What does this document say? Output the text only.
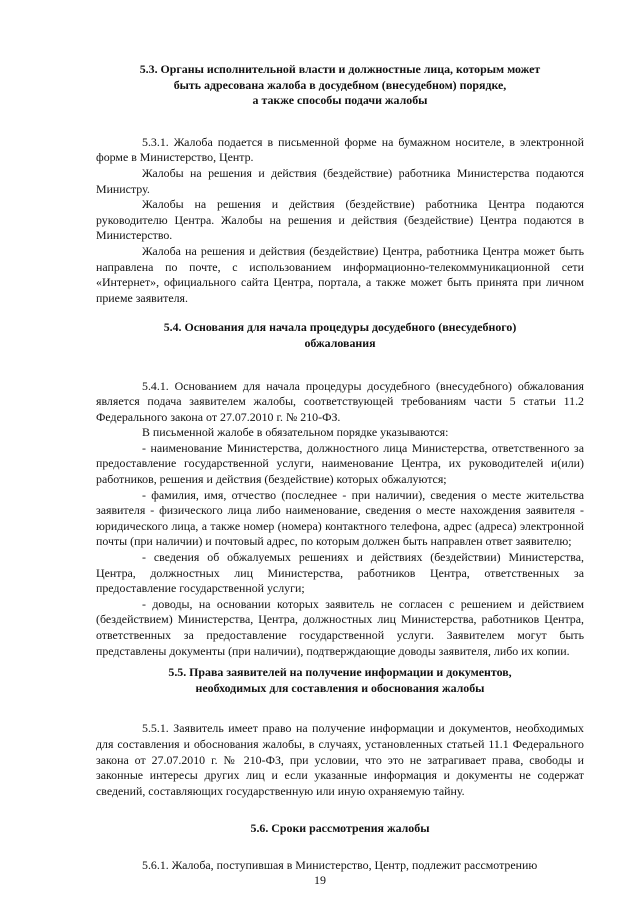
5.3. Органы исполнительной власти и должностные лица, которым может
быть адресована жалоба в досудебном (внесудебном) порядке,
а также способы подачи жалобы

5.3.1. Жалоба подается в письменной форме на бумажном носителе, в электронной форме в Министерство, Центр.

Жалобы на решения и действия (бездействие) работника Министерства подаются Министру.

Жалобы на решения и действия (бездействие) работника Центра подаются руководителю Центра. Жалобы на решения и действия (бездействие) Центра подаются в Министерство.

Жалоба на решения и действия (бездействие) Центра, работника Центра может быть направлена по почте, с использованием информационно-телекоммуникационной сети «Интернет», официального сайта Центра, портала, а также может быть принята при личном приеме заявителя.

5.4. Основания для начала процедуры досудебного (внесудебного)
обжалования

5.4.1. Основанием для начала процедуры досудебного (внесудебного) обжалования является подача заявителем жалобы, соответствующей требованиям части 5 статьи 11.2 Федерального закона от 27.07.2010 г. № 210-ФЗ.

В письменной жалобе в обязательном порядке указываются:

- наименование Министерства, должностного лица Министерства, ответственного за предоставление государственной услуги, наименование Центра, их руководителей и(или) работников, решения и действия (бездействие) которых обжалуются;

- фамилия, имя, отчество (последнее - при наличии), сведения о месте жительства заявителя - физического лица либо наименование, сведения о месте нахождения заявителя - юридического лица, а также номер (номера) контактного телефона, адрес (адреса) электронной почты (при наличии) и почтовый адрес, по которым должен быть направлен ответ заявителю;

- сведения об обжалуемых решениях и действиях (бездействии) Министерства, Центра, должностных лиц Министерства, работников Центра, ответственных за предоставление государственной услуги;

- доводы, на основании которых заявитель не согласен с решением и действием (бездействием) Министерства, Центра, должностных лиц Министерства, работников Центра, ответственных за предоставление государственной услуги. Заявителем могут быть представлены документы (при наличии), подтверждающие доводы заявителя, либо их копии.

5.5. Права заявителей на получение информации и документов,
необходимых для составления и обоснования жалобы

5.5.1. Заявитель имеет право на получение информации и документов, необходимых для составления и обоснования жалобы, в случаях, установленных статьей 11.1 Федерального закона от 27.07.2010 г. № 210-ФЗ, при условии, что это не затрагивает права, свободы и законные интересы других лиц и если указанные информация и документы не содержат сведений, составляющих государственную или иную охраняемую тайну.

5.6. Сроки рассмотрения жалобы

5.6.1. Жалоба, поступившая в Министерство, Центр, подлежит рассмотрению

19
